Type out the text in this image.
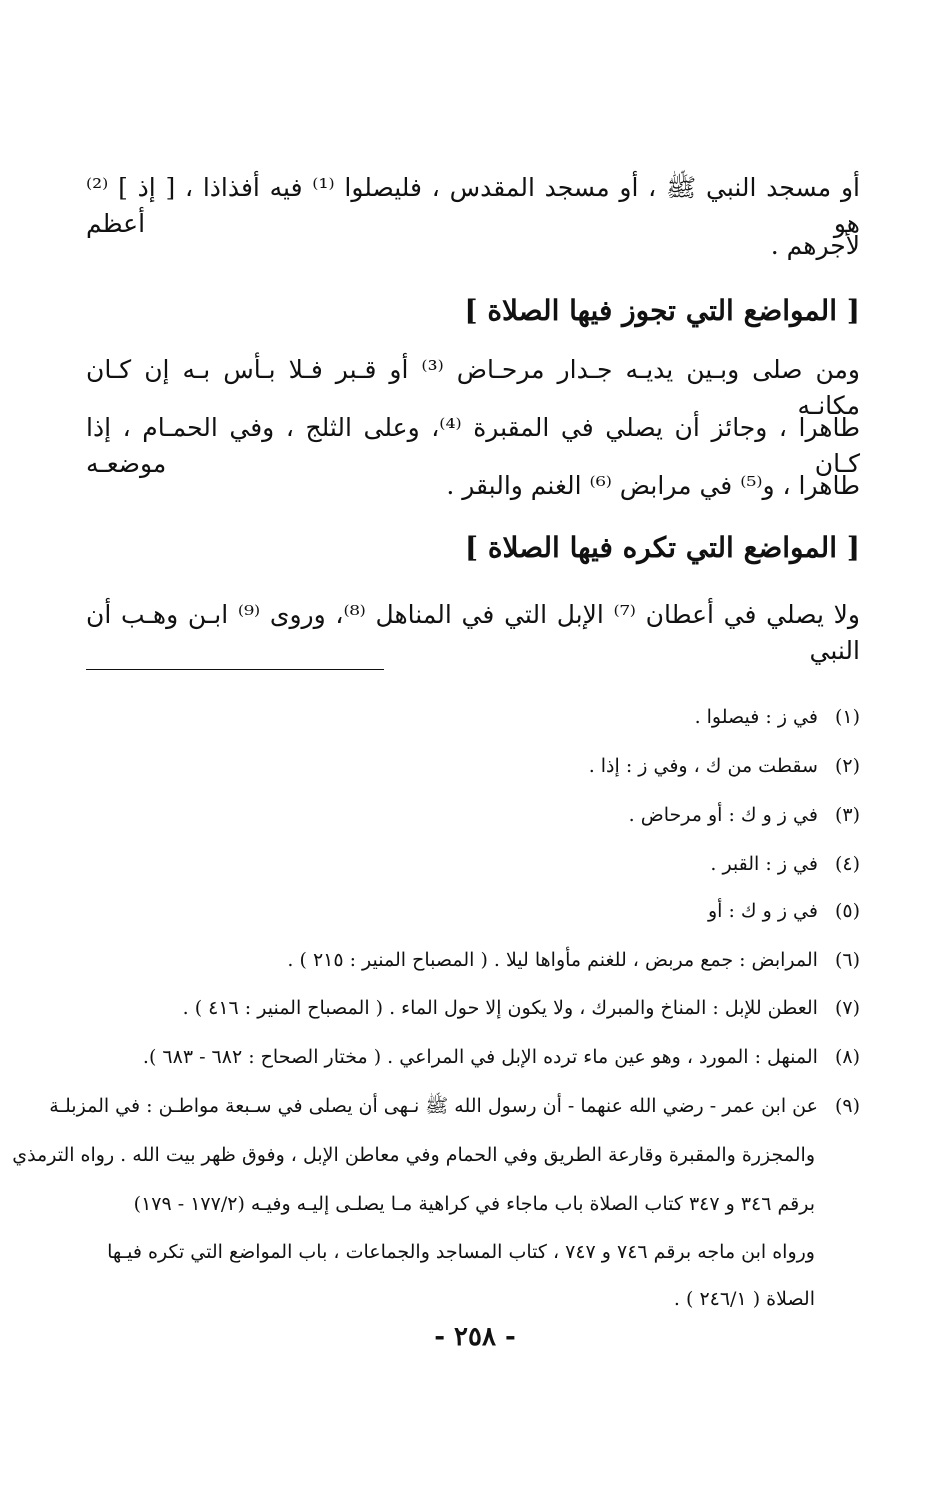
أو مسجد النبي ﷺ ، أو مسجد المقدس ، فليصلوا ⁽¹⁾ فيه أفذاذا ، [ إذ ] ⁽²⁾ هو أعظم
لأجرهم .
[ المواضع التي تجوز فيها الصلاة ]
ومن صلى وبـين يديـه جـدار مرحـاض ⁽³⁾ أو قـبر فـلا بـأس بـه إن كـان مكانـه
طاهرا ، وجائز أن يصلي في المقبرة ⁽⁴⁾، وعلى الثلج ، وفي الحمـام ، إذا كـان موضعـه
طاهرا ، و⁽⁵⁾ في مرابض ⁽⁶⁾ الغنم والبقر .
[ المواضع التي تكره فيها الصلاة ]
ولا يصلي في أعطان ⁽⁷⁾ الإبل التي في المناهل ⁽⁸⁾، وروى ⁽⁹⁾ ابـن وهـب أن النبي
(١) في ز : فيصلوا .
(٢) سقطت من ك ، وفي ز : إذا .
(٣) في ز و ك : أو مرحاض .
(٤) في ز : القبر .
(٥) في ز و ك : أو
(٦) المرابض : جمع مربض ، للغنم مأواها ليلا . ( المصباح المنير : ٢١٥ ) .
(٧) العطن للإبل : المناخ والمبرك ، ولا يكون إلا حول الماء . ( المصباح المنير : ٤١٦ ) .
(٨) المنهل : المورد ، وهو عين ماء ترده الإبل في المراعي . ( مختار الصحاح : ٦٨٢ - ٦٨٣ ).
(٩) عن ابن عمر - رضي الله عنهما - أن رسول الله ﷺ نـهى أن يصلى في سـبعة مواطـن : في المزبلـة
والمجزرة والمقبرة وقارعة الطريق وفي الحمام وفي معاطن الإبل ، وفوق ظهر بيت الله . رواه الترمذي
برقم ٣٤٦ و ٣٤٧ كتاب الصلاة باب ماجاء في كراهية مـا يصلـى إليـه وفيـه (١٧٧/٢ - ١٧٩)
ورواه ابن ماجه برقم ٧٤٦ و ٧٤٧ ، كتاب المساجد والجماعات ، باب المواضع التي تكره فيـها
الصلاة ( ٢٤٦/١ ) .
- ٢٥٨ -
